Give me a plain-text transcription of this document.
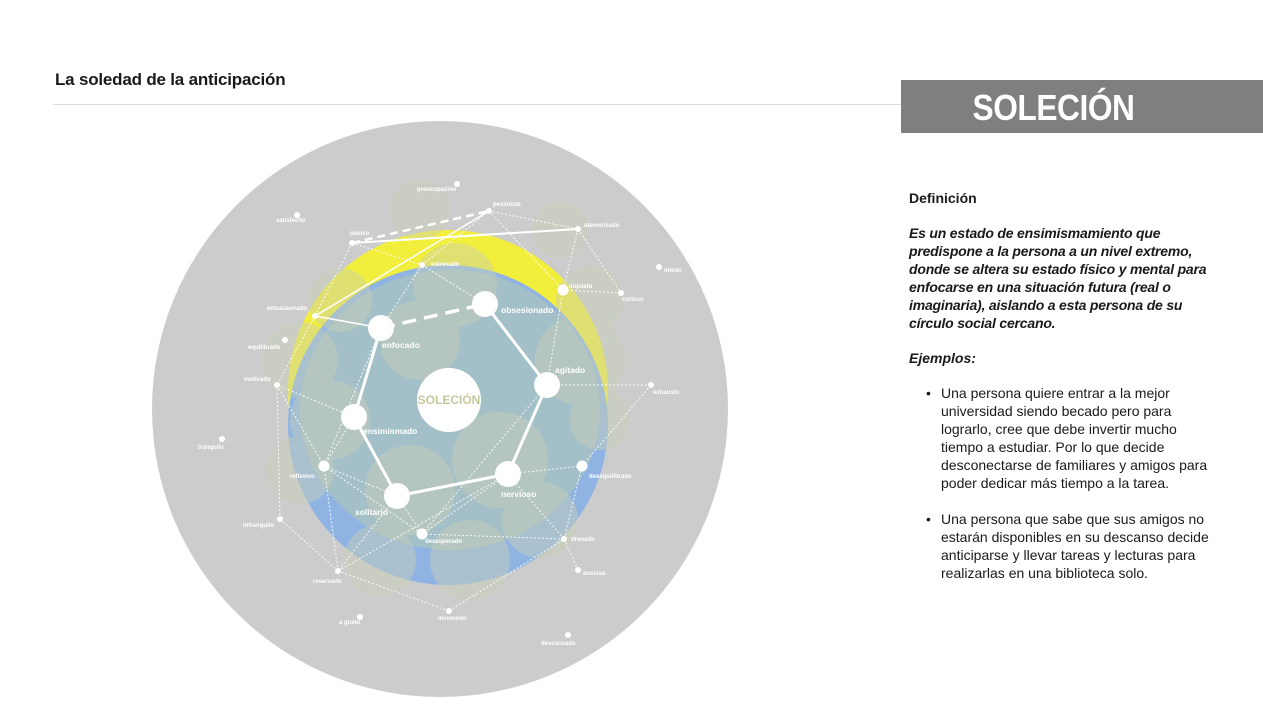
La soledad de la anticipación
SOLECIÓN
preocupación
pesimista
satisfecho
atemorizado
pánico
estresado
miedo
inquieto
curioso
entusiasmado
equilibrado
motivado
exhausto
tranquilo
reflexivo	desequilibrado
intranquilo
desesperado	drenado
ansioso
reservado
a gusto
incomodo
descansado
obsesionado
agitado
nervioso
solitario
ensimismado
enfocado
SOLECIÓN
Definición
Es un estado de ensimismamiento que predispone a la persona a un nivel extremo, donde se altera su estado físico y mental para enfocarse en una situación futura (real o imaginaria), aislando a esta persona de su círculo social cercano.
Ejemplos:
• Una persona quiere entrar a la mejor universidad siendo becado pero para lograrlo, cree que debe invertir mucho tiempo a estudiar. Por lo que decide desconectarse de familiares y amigos para poder dedicar más tiempo a la tarea.
• Una persona que sabe que sus amigos no estarán disponibles en su descanso decide anticiparse y llevar tareas y lecturas para realizarlas en una biblioteca solo.
